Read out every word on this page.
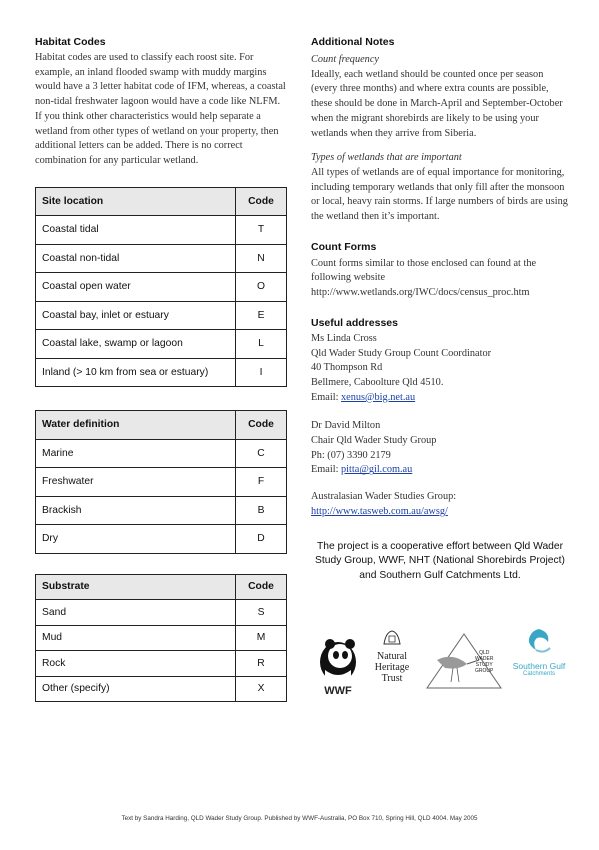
Habitat Codes

Habitat codes are used to classify each roost site. For example, an inland flooded swamp with muddy margins would have a 3 letter habitat code of IFM, whereas, a coastal non-tidal freshwater lagoon would have a code like NLFM. If you think other characteristics would help separate a wetland from other types of wetland on your property, then additional letters can be added. There is no correct combination for any particular wetland.

Site location	Code
Coastal tidal	T
Coastal non-tidal	N
Coastal open water	O
Coastal bay, inlet or estuary	E
Coastal lake, swamp or lagoon	L
Inland (> 10 km from sea or estuary)	I
Water definition	Code
Marine	C
Freshwater	F
Brackish	B
Dry	D
Substrate	Code
Sand	S
Mud	M
Rock	R
Other (specify)	X
Additional Notes
Count frequency

Ideally, each wetland should be counted once per season (every three months) and where extra counts are possible, these should be done in March-April and September-October when the migrant shorebirds are likely to be using your wetlands when they arrive from Siberia.

Types of wetlands that are important

All types of wetlands are of equal importance for monitoring, including temporary wetlands that only fill after the monsoon or local, heavy rain storms. If large numbers of birds are using the wetland then it’s important.

Count Forms

Count forms similar to those enclosed can found at the following website

http://www.wetlands.org/IWC/docs/census_proc.htm

Useful addresses

Ms Linda Cross

Qld Wader Study Group Count Coordinator

40 Thompson Rd

Bellmere, Caboolture Qld 4510.

Email: xenus@big.net.au

Dr David Milton

Chair Qld Wader Study Group

Ph: (07) 3390 2179

Email: pitta@gil.com.au

Australasian Wader Studies Group:

http://www.tasweb.com.au/awsg/

The project is a cooperative effort between Qld Wader
Study Group, WWF, NHT (National Shorebirds Project)
and Southern Gulf Catchments Ltd.
WWF
Natural
Heritage
Trust
QLD
WADER
STUDY
GROUP	Southern Gulf
Catchments
Text by Sandra Harding, QLD Wader Study Group. Published by WWF-Australia, PO Box 710, Spring Hill, QLD 4004. May 2005
